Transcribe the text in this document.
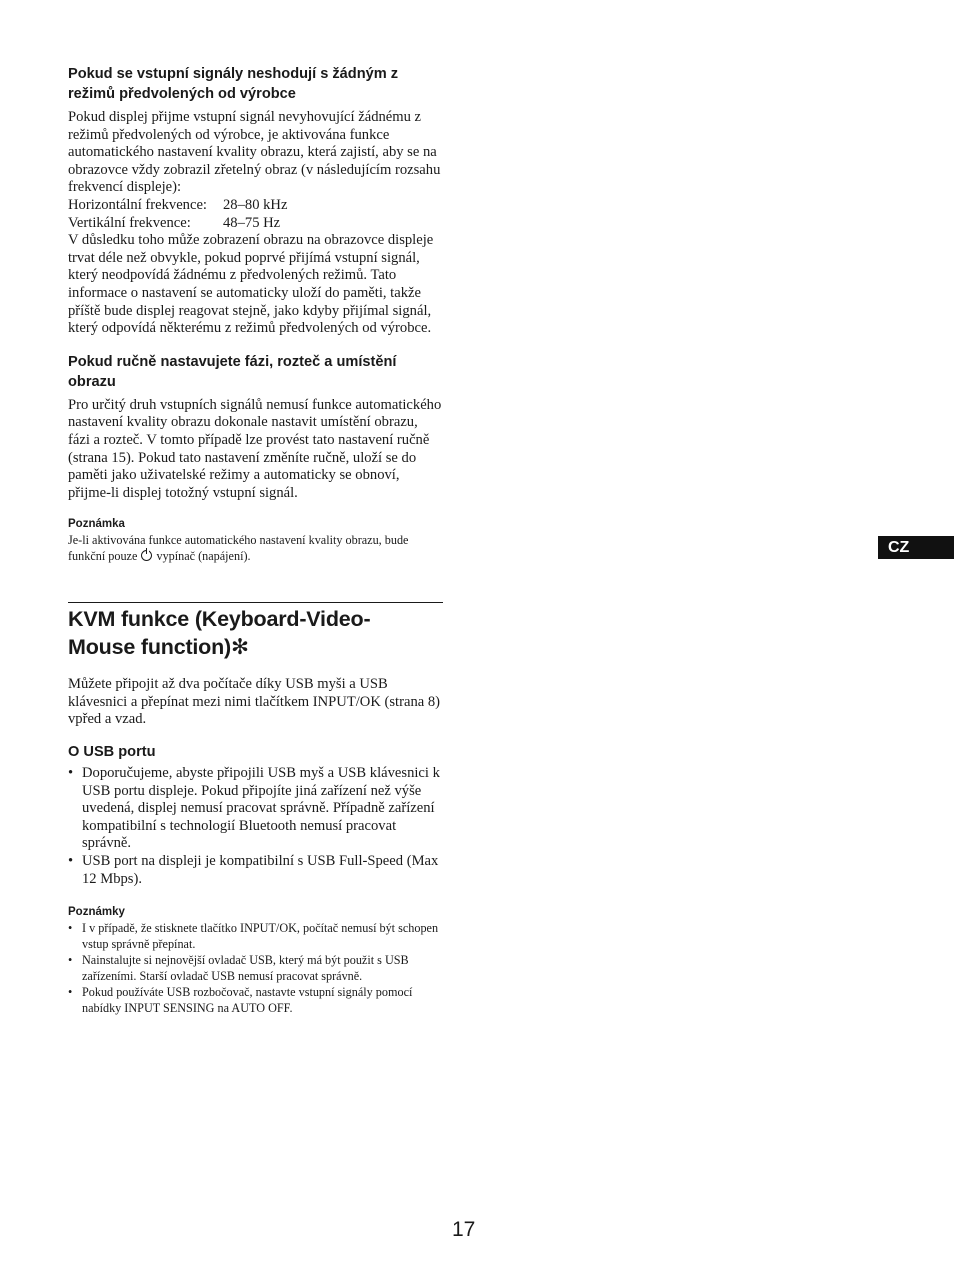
Pokud se vstupní signály neshodují s žádným z režimů předvolených od výrobce

Pokud displej přijme vstupní signál nevyhovující žádnému z režimů předvolených od výrobce, je aktivována funkce automatického nastavení kvality obrazu, která zajistí, aby se na obrazovce vždy zobrazil zřetelný obraz (v následujícím rozsahu frekvencí displeje):

Horizontální frekvence:	28–80 kHz
Vertikální frekvence:	48–75 Hz

V důsledku toho může zobrazení obrazu na obrazovce displeje trvat déle než obvykle, pokud poprvé přijímá vstupní signál, který neodpovídá žádnému z předvolených režimů. Tato informace o nastavení se automaticky uloží do paměti, takže příště bude displej reagovat stejně, jako kdyby přijímal signál, který odpovídá některému z režimů předvolených od výrobce.

Pokud ručně nastavujete fázi, rozteč a umístění obrazu

Pro určitý druh vstupních signálů nemusí funkce automatického nastavení kvality obrazu dokonale nastavit umístění obrazu, fázi a rozteč. V tomto případě lze provést tato nastavení ručně (strana 15). Pokud tato nastavení změníte ručně, uloží se do paměti jako uživatelské režimy a automaticky se obnoví, přijme-li displej totožný vstupní signál.

Poznámka

Je-li aktivována funkce automatického nastavení kvality obrazu, bude funkční pouze vypínač (napájení).

KVM funkce (Keyboard-Video-
Mouse function)✻

Můžete připojit až dva počítače díky USB myši a USB klávesnici a přepínat mezi nimi tlačítkem INPUT/OK (strana 8) vpřed a vzad.

O USB portu
• Doporučujeme, abyste připojili USB myš a USB klávesnici k USB portu displeje. Pokud připojíte jiná zařízení než výše uvedená, displej nemusí pracovat správně. Případně zařízení kompatibilní s technologií Bluetooth nemusí pracovat správně.
• USB port na displeji je kompatibilní s USB Full-Speed (Max 12 Mbps).
Poznámky
• I v případě, že stisknete tlačítko INPUT/OK, počítač nemusí být schopen vstup správně přepínat.
• Nainstalujte si nejnovější ovladač USB, který má být použit s USB zařízeními. Starší ovladač USB nemusí pracovat správně.
• Pokud používáte USB rozbočovač, nastavte vstupní signály pomocí nabídky INPUT SENSING na AUTO OFF.
CZ
17
